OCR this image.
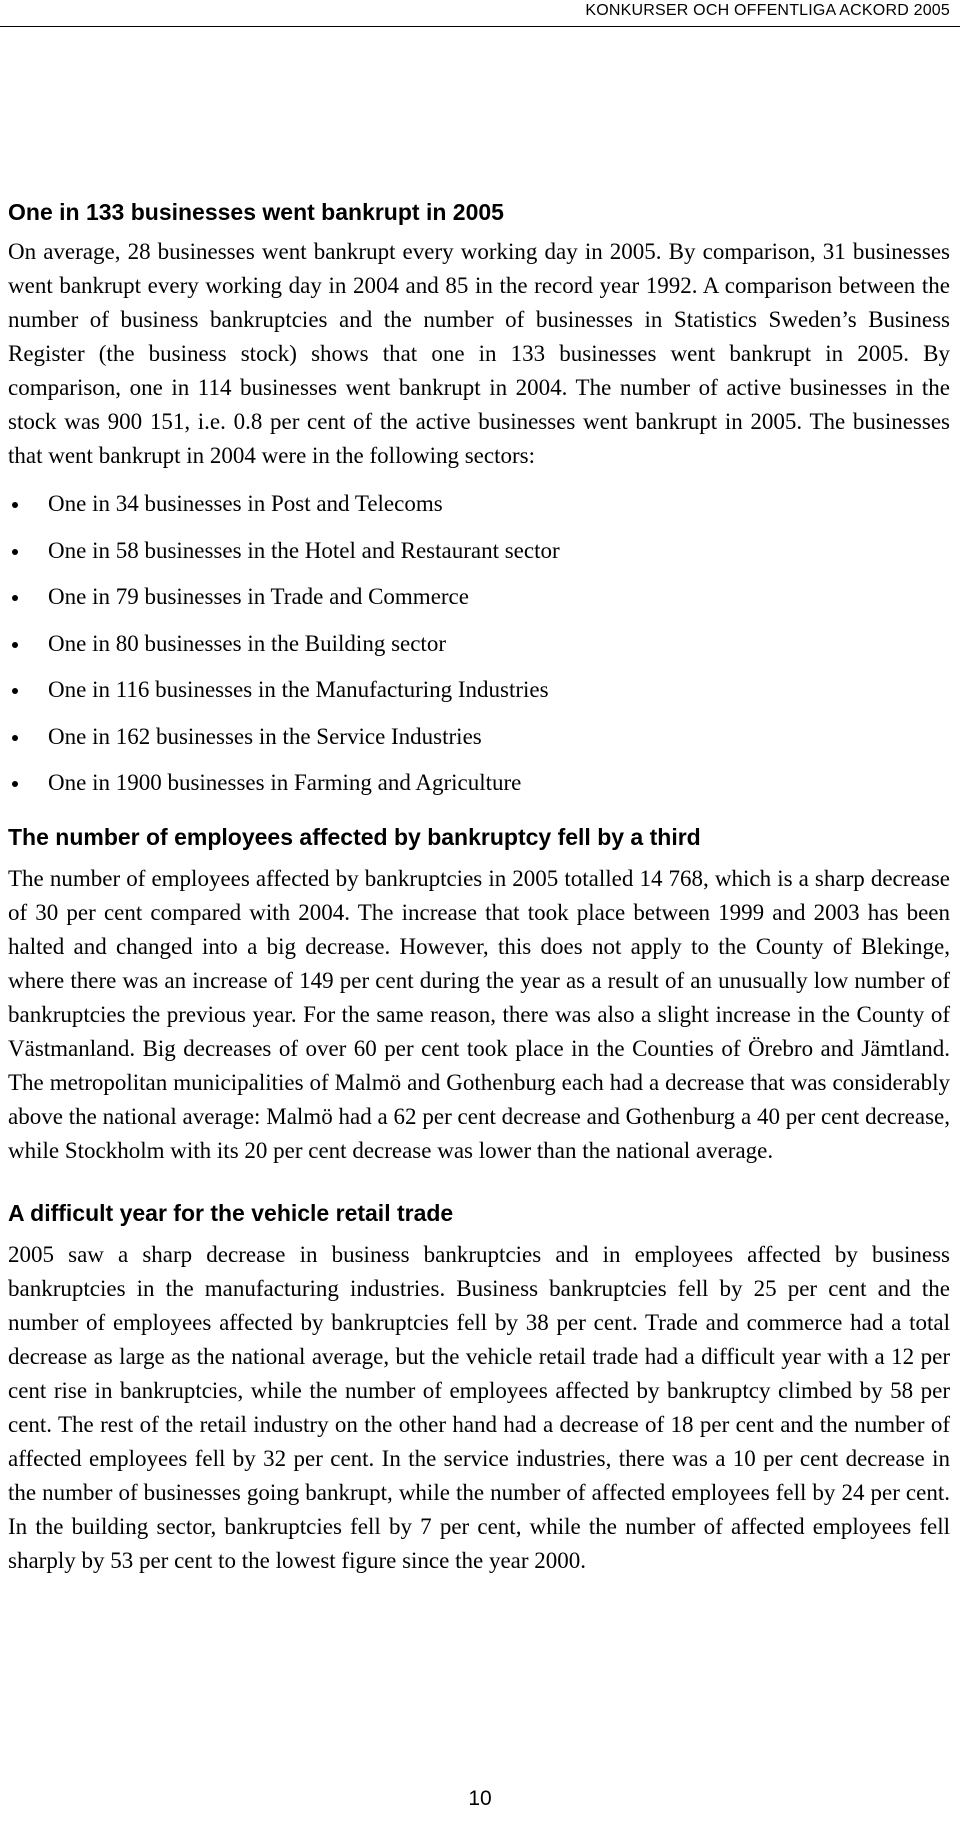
KONKURSER OCH OFFENTLIGA ACKORD 2005
One in 133 businesses went bankrupt in 2005

On average, 28 businesses went bankrupt every working day in 2005. By comparison, 31 businesses went bankrupt every working day in 2004 and 85 in the record year 1992. A comparison between the number of business bankruptcies and the number of businesses in Statistics Sweden’s Business Register (the business stock) shows that one in 133 businesses went bankrupt in 2005. By comparison, one in 114 businesses went bankrupt in 2004. The number of active businesses in the stock was 900 151, i.e. 0.8 per cent of the active businesses went bankrupt in 2005. The businesses that went bankrupt in 2004 were in the following sectors:

One in 34 businesses in Post and Telecoms
One in 58 businesses in the Hotel and Restaurant sector
One in 79 businesses in Trade and Commerce
One in 80 businesses in the Building sector
One in 116 businesses in the Manufacturing Industries
One in 162 businesses in the Service Industries
One in 1900 businesses in Farming and Agriculture
The number of employees affected by bankruptcy fell by a third

The number of employees affected by bankruptcies in 2005 totalled 14 768, which is a sharp decrease of 30 per cent compared with 2004. The increase that took place between 1999 and 2003 has been halted and changed into a big decrease. However, this does not apply to the County of Blekinge, where there was an increase of 149 per cent during the year as a result of an unusually low number of bankruptcies the previous year. For the same reason, there was also a slight increase in the County of Västmanland. Big decreases of over 60 per cent took place in the Counties of Örebro and Jämtland. The metropolitan municipalities of Malmö and Gothenburg each had a decrease that was considerably above the national average: Malmö had a 62 per cent decrease and Gothenburg a 40 per cent decrease, while Stockholm with its 20 per cent decrease was lower than the national average.

A difficult year for the vehicle retail trade

2005 saw a sharp decrease in business bankruptcies and in employees affected by business bankruptcies in the manufacturing industries. Business bankruptcies fell by 25 per cent and the number of employees affected by bankruptcies fell by 38 per cent. Trade and commerce had a total decrease as large as the national average, but the vehicle retail trade had a difficult year with a 12 per cent rise in bankruptcies, while the number of employees affected by bankruptcy climbed by 58 per cent. The rest of the retail industry on the other hand had a decrease of 18 per cent and the number of affected employees fell by 32 per cent. In the service industries, there was a 10 per cent decrease in the number of businesses going bankrupt, while the number of affected employees fell by 24 per cent. In the building sector, bankruptcies fell by 7 per cent, while the number of affected employees fell sharply by 53 per cent to the lowest figure since the year 2000.

10
